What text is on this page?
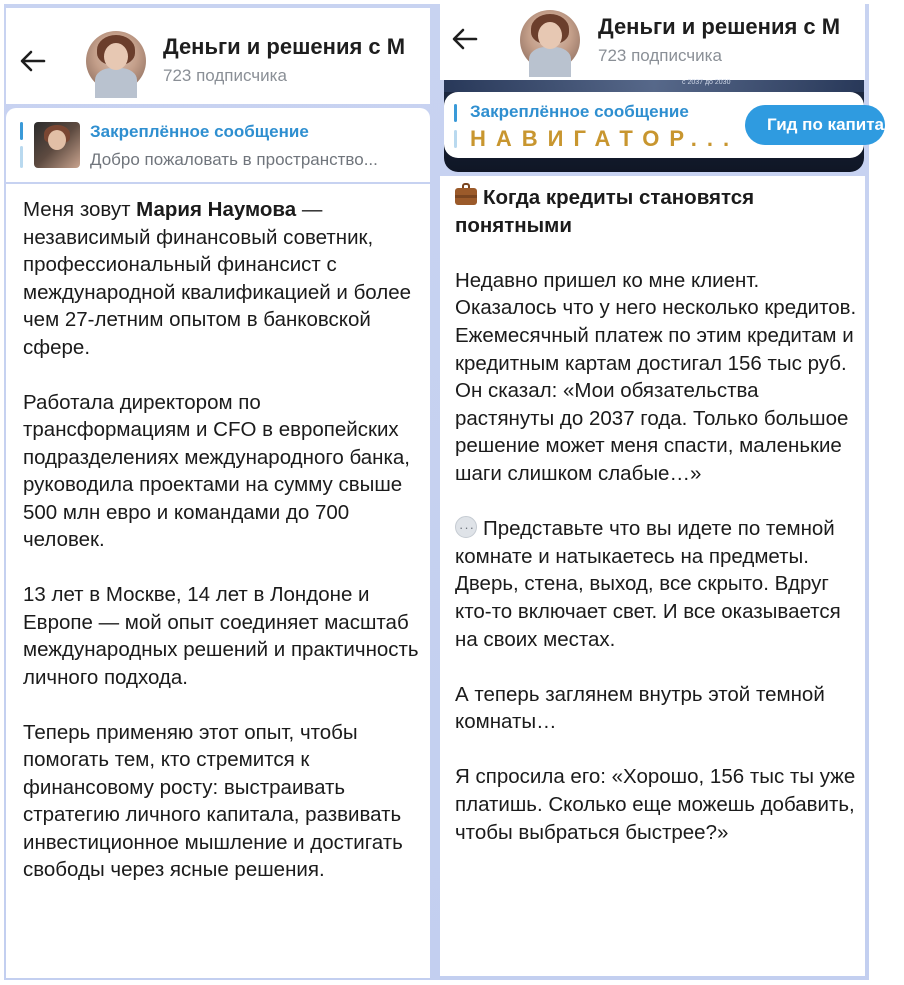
Деньги и решения с М
723 подписчика
Закреплённое сообщение
Добро пожаловать в пространство...

Меня зовут Мария Наумова — независимый финансовый советник, профессиональный финансист с международной квалификацией и более чем 27-летним опытом в банковской сфере.

Работала директором по трансформациям и CFO в европейских подразделениях международного банка, руководила проектами на сумму свыше 500 млн евро и командами до 700 человек.

13 лет в Москве, 14 лет в Лондоне и Европе — мой опыт соединяет масштаб международных решений и практичность личного подхода.

Теперь применяю этот опыт, чтобы помогать тем, кто стремится к финансовому росту: выстраивать стратегию личного капитала, развивать инвестиционное мышление и достигать свободы через ясные решения.

Деньги и решения с М
723 подписчика
с 2037 до 2030
Закреплённое сообщение
НАВИГАТОР...
Гид по капиталу

Когда кредиты становятся понятными

Недавно пришел ко мне клиент. Оказалось что у него несколько кредитов. Ежемесячный платеж по этим кредитам и кредитным картам достигал 156 тыс руб. Он сказал: «Мои обязательства растянуты до 2037 года. Только большое решение может меня спасти, маленькие шаги слишком слабые…»

···Представьте что вы идете по темной комнате и натыкаетесь на предметы. Дверь, стена, выход, все скрыто. Вдруг кто-то включает свет. И все оказывается на своих местах.

А теперь заглянем внутрь этой темной комнаты…

Я спросила его: «Хорошо, 156 тыс ты уже платишь. Сколько еще можешь добавить, чтобы выбраться быстрее?»
